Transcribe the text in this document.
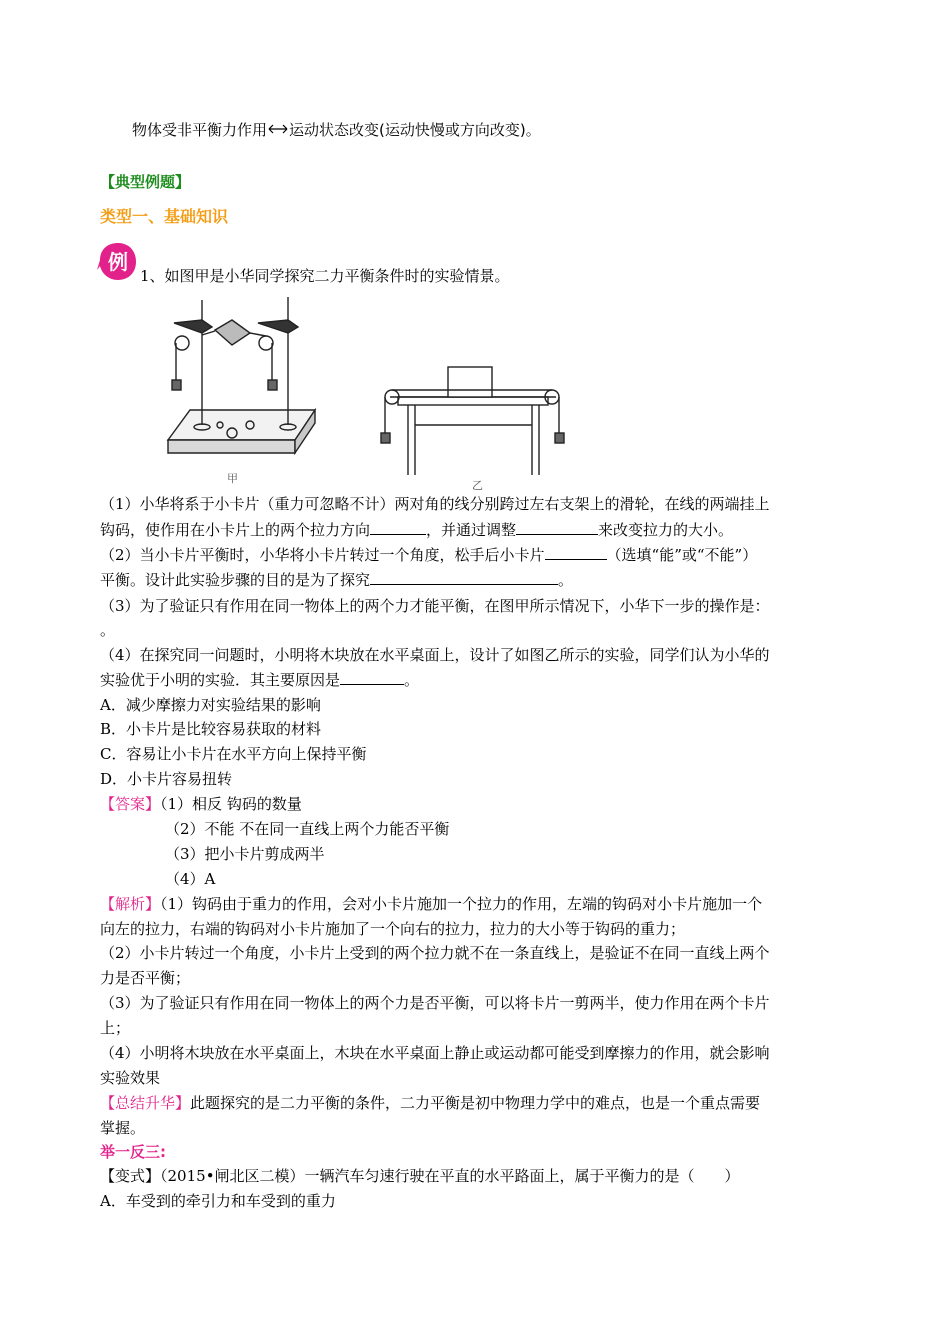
物体受非平衡力作用 运动状态改变(运动快慢或方向改变)。
【典型例题】
类型一、基础知识
例
1、如图甲是小华同学探究二力平衡条件时的实验情景。
甲
乙
（1）小华将系于小卡片（重力可忽略不计）两对角的线分别跨过左右支架上的滑轮，在线的两端挂上
钩码，使作用在小卡片上的两个拉力方向	，并通过调整	来改变拉力的大小。
（2）当小卡片平衡时，小华将小卡片转过一个角度，松手后小卡片	（选填“能”或“不能”）
平衡。设计此实验步骤的目的是为了探究	。
（3）为了验证只有作用在同一物体上的两个力才能平衡，在图甲所示情况下，小华下一步的操作是：
。
（4）在探究同一问题时，小明将木块放在水平桌面上，设计了如图乙所示的实验，同学们认为小华的
实验优于小明的实验．其主要原因是	。
A．减少摩擦力对实验结果的影响
B．小卡片是比较容易获取的材料
C．容易让小卡片在水平方向上保持平衡
D．小卡片容易扭转
【答案】（1）相反 钩码的数量
（2）不能 不在同一直线上两个力能否平衡
（3）把小卡片剪成两半
（4）A
【解析】（1）钩码由于重力的作用，会对小卡片施加一个拉力的作用，左端的钩码对小卡片施加一个
向左的拉力，右端的钩码对小卡片施加了一个向右的拉力，拉力的大小等于钩码的重力；
（2）小卡片转过一个角度，小卡片上受到的两个拉力就不在一条直线上，是验证不在同一直线上两个
力是否平衡；
（3）为了验证只有作用在同一物体上的两个力是否平衡，可以将卡片一剪两半，使力作用在两个卡片
上；
（4）小明将木块放在水平桌面上，木块在水平桌面上静止或运动都可能受到摩擦力的作用，就会影响
实验效果
【总结升华】此题探究的是二力平衡的条件，二力平衡是初中物理力学中的难点，也是一个重点需要
掌握。
举一反三:
【变式】（2015•闸北区二模）一辆汽车匀速行驶在平直的水平路面上，属于平衡力的是（　　）
A．车受到的牵引力和车受到的重力
